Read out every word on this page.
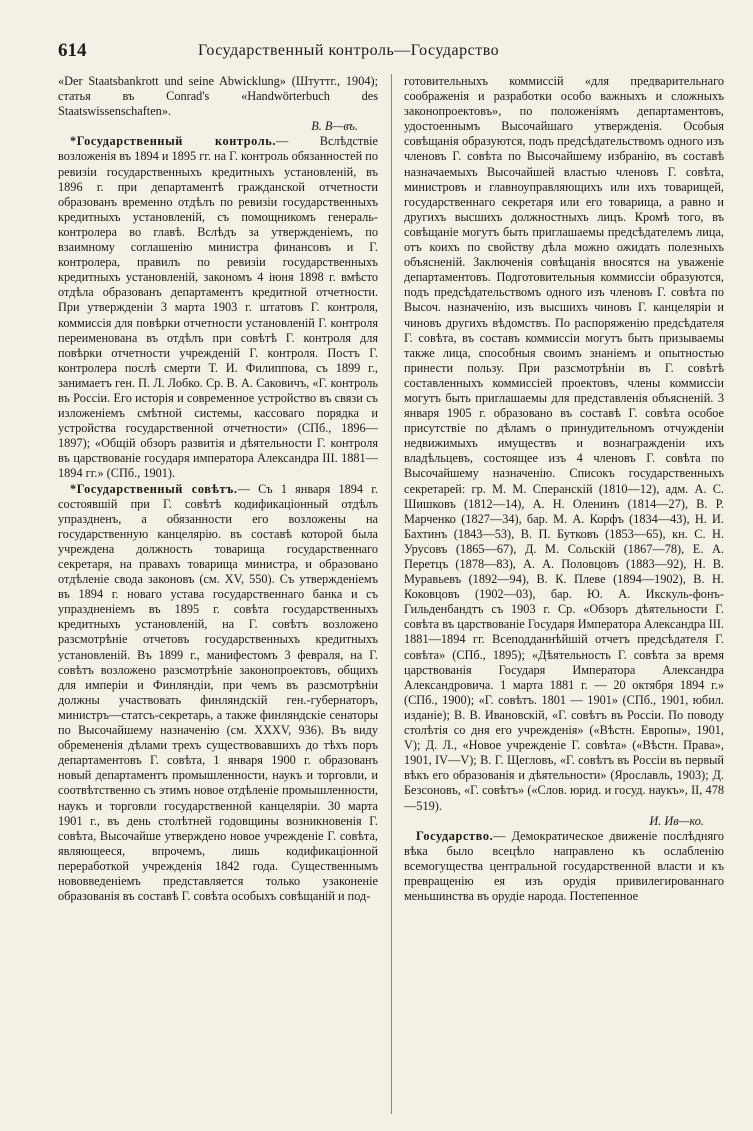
614	Государственный контроль—Государство

«Der Staatsbankrott und seine Abwicklung» (Штуттг., 1904); статья въ Conrad's «Handwörterbuch des Staatswissenschaften».

В. В—въ.

*Государственный контроль.— Вслѣдствіе возложенія въ 1894 и 1895 гг. на Г. контроль обязанностей по ревизіи государственныхъ кредитныхъ установленій, въ 1896 г. при департаментѣ гражданской отчетности образованъ временно отдѣлъ по ревизіи государственныхъ кредитныхъ установленій, съ помощникомъ генераль-контролера во главѣ. Вслѣдъ за утвержденіемъ, по взаимному соглашенію министра финансовъ и Г. контролера, правилъ по ревизіи государственныхъ кредитныхъ установленій, закономъ 4 іюня 1898 г. вмѣсто отдѣла образованъ департаментъ кредитной отчетности. При утвержденіи 3 марта 1903 г. штатовъ Г. контроля, коммиссія для повѣрки отчетности установленій Г. контроля переименована въ отдѣлъ при совѣтѣ Г. контроля для повѣрки отчетности учрежденій Г. контроля. Постъ Г. контролера послѣ смерти Т. И. Филиппова, съ 1899 г., занимаетъ ген. П. Л. Лобко. Ср. В. А. Саковичъ, «Г. контроль въ Россіи. Его исторія и современное устройство въ связи съ изложеніемъ смѣтной системы, кассоваго порядка и устройства государственной отчетности» (СПб., 1896—1897); «Общій обзоръ развитія и дѣятельности Г. контроля въ царствованіе государя императора Александра III. 1881—1894 гг.» (СПб., 1901).

*Государственный совѣтъ.— Съ 1 января 1894 г. состоявшій при Г. совѣтѣ кодификаціонный отдѣлъ упраздненъ, а обязанности его возложены на государственную канцелярію. въ составѣ которой была учреждена должность товарища государственнаго секретаря, на правахъ товарища министра, и образовано отдѣленіе свода законовъ (см. XV, 550). Съ утвержденіемъ въ 1894 г. новаго устава государственнаго банка и съ упраздненіемъ въ 1895 г. совѣта государственныхъ кредитныхъ установленій, на Г. совѣтъ возложено разсмотрѣніе отчетовъ государственныхъ кредитныхъ установленій. Въ 1899 г., манифестомъ 3 февраля, на Г. совѣтъ возложено разсмотрѣніе законопроектовъ, общихъ для имперіи и Финляндіи, при чемъ въ разсмотрѣніи должны участвовать финляндскій ген.-губернаторъ, министръ—статсъ-секретарь, а также финляндскіе сенаторы по Высочайшему назначенію (см. XXXV, 936). Въ виду обремененія дѣлами трехъ существовавшихъ до тѣхъ поръ департаментовъ Г. совѣта, 1 января 1900 г. образованъ новый департаментъ промышленности, наукъ и торговли, и соотвѣтственно съ этимъ новое отдѣленіе промышленности, наукъ и торговли государственной канцеляріи. 30 марта 1901 г., въ день столѣтней годовщины возникновенія Г. совѣта, Высочайше утверждено новое учрежденіе Г. совѣта, являющееся, впрочемъ, лишь кодификаціонной переработкой учрежденія 1842 года. Существеннымъ нововведеніемъ представляется только узаконеніе образованія въ составѣ Г. совѣта особыхъ совѣщаній и под-

готовительныхъ коммиссій «для предварительнаго соображенія и разработки особо важныхъ и сложныхъ законопроектовъ», по положеніямъ департаментовъ, удостоеннымъ Высочайшаго утвержденія. Особыя совѣщанія образуются, подъ предсѣдательствомъ одного изъ членовъ Г. совѣта по Высочайшему избранію, въ составѣ назначаемыхъ Высочайшей властью членовъ Г. совѣта, министровъ и главноуправляющихъ или ихъ товарищей, государственнаго секретаря или его товарища, а равно и другихъ высшихъ должностныхъ лицъ. Кромѣ того, въ совѣщаніе могутъ быть приглашаемы предсѣдателемъ лица, отъ коихъ по свойству дѣла можно ожидать полезныхъ объясненій. Заключенія совѣщанія вносятся на уваженіе департаментовъ. Подготовительныя коммиссіи образуются, подъ предсѣдательствомъ одного изъ членовъ Г. совѣта по Высоч. назначенію, изъ высшихъ чиновъ Г. канцеляріи и чиновъ другихъ вѣдомствъ. По распоряженію предсѣдателя Г. совѣта, въ составъ коммиссіи могутъ быть призываемы также лица, способныя своимъ знаніемъ и опытностью принести пользу. При разсмотрѣніи въ Г. совѣтѣ составленныхъ коммиссіей проектовъ, члены коммиссіи могутъ быть приглашаемы для представленія объясненій. 3 января 1905 г. образовано въ составѣ Г. совѣта особое присутствіе по дѣламъ о принудительномъ отчужденіи недвижимыхъ имуществъ и вознагражденіи ихъ владѣльцевъ, состоящее изъ 4 членовъ Г. совѣта по Высочайшему назначенію. Списокъ государственныхъ секретарей: гр. М. М. Сперанскій (1810—12), адм. А. С. Шишковъ (1812—14), А. Н. Оленинъ (1814—27), В. Р. Марченко (1827—34), бар. М. А. Корфъ (1834—43), Н. И. Бахтинъ (1843—53), В. П. Бутковъ (1853—65), кн. С. Н. Урусовъ (1865—67), Д. М. Сольскій (1867—78), Е. А. Перетцъ (1878—83), А. А. Половцовъ (1883—92), Н. В. Муравьевъ (1892—94), В. К. Плеве (1894—1902), В. Н. Коковцовъ (1902—03), бар. Ю. А. Икскуль-фонъ-Гильденбандтъ съ 1903 г. Ср. «Обзоръ дѣятельности Г. совѣта въ царствованіе Государя Императора Александра III. 1881—1894 гг. Всеподданнѣйшій отчетъ предсѣдателя Г. совѣта» (СПб., 1895); «Дѣятельность Г. совѣта за время царствованія Государя Императора Александра Александровича. 1 марта 1881 г. — 20 октября 1894 г.» (СПб., 1900); «Г. совѣтъ. 1801 — 1901» (СПб., 1901, юбил. изданіе); В. В. Ивановскій, «Г. совѣтъ въ Россіи. По поводу столѣтія со дня его учрежденія» («Вѣстн. Европы», 1901, V); Д. Л., «Новое учрежденіе Г. совѣта» («Вѣстн. Права», 1901, IV—V); В. Г. Щегловъ, «Г. совѣтъ въ Россіи въ первый вѣкъ его образованія и дѣятельности» (Ярославль, 1903); Д. Безсоновъ, «Г. совѣтъ» («Слов. юрид. и госуд. наукъ», II, 478—519).

И. Ив—ко.

Государство.— Демократическое движеніе послѣдняго вѣка было всецѣло направлено къ ослабленію всемогущества центральной государственной власти и къ превращенію ея изъ орудія привилегированнаго меньшинства въ орудіе народа. Постепенное
